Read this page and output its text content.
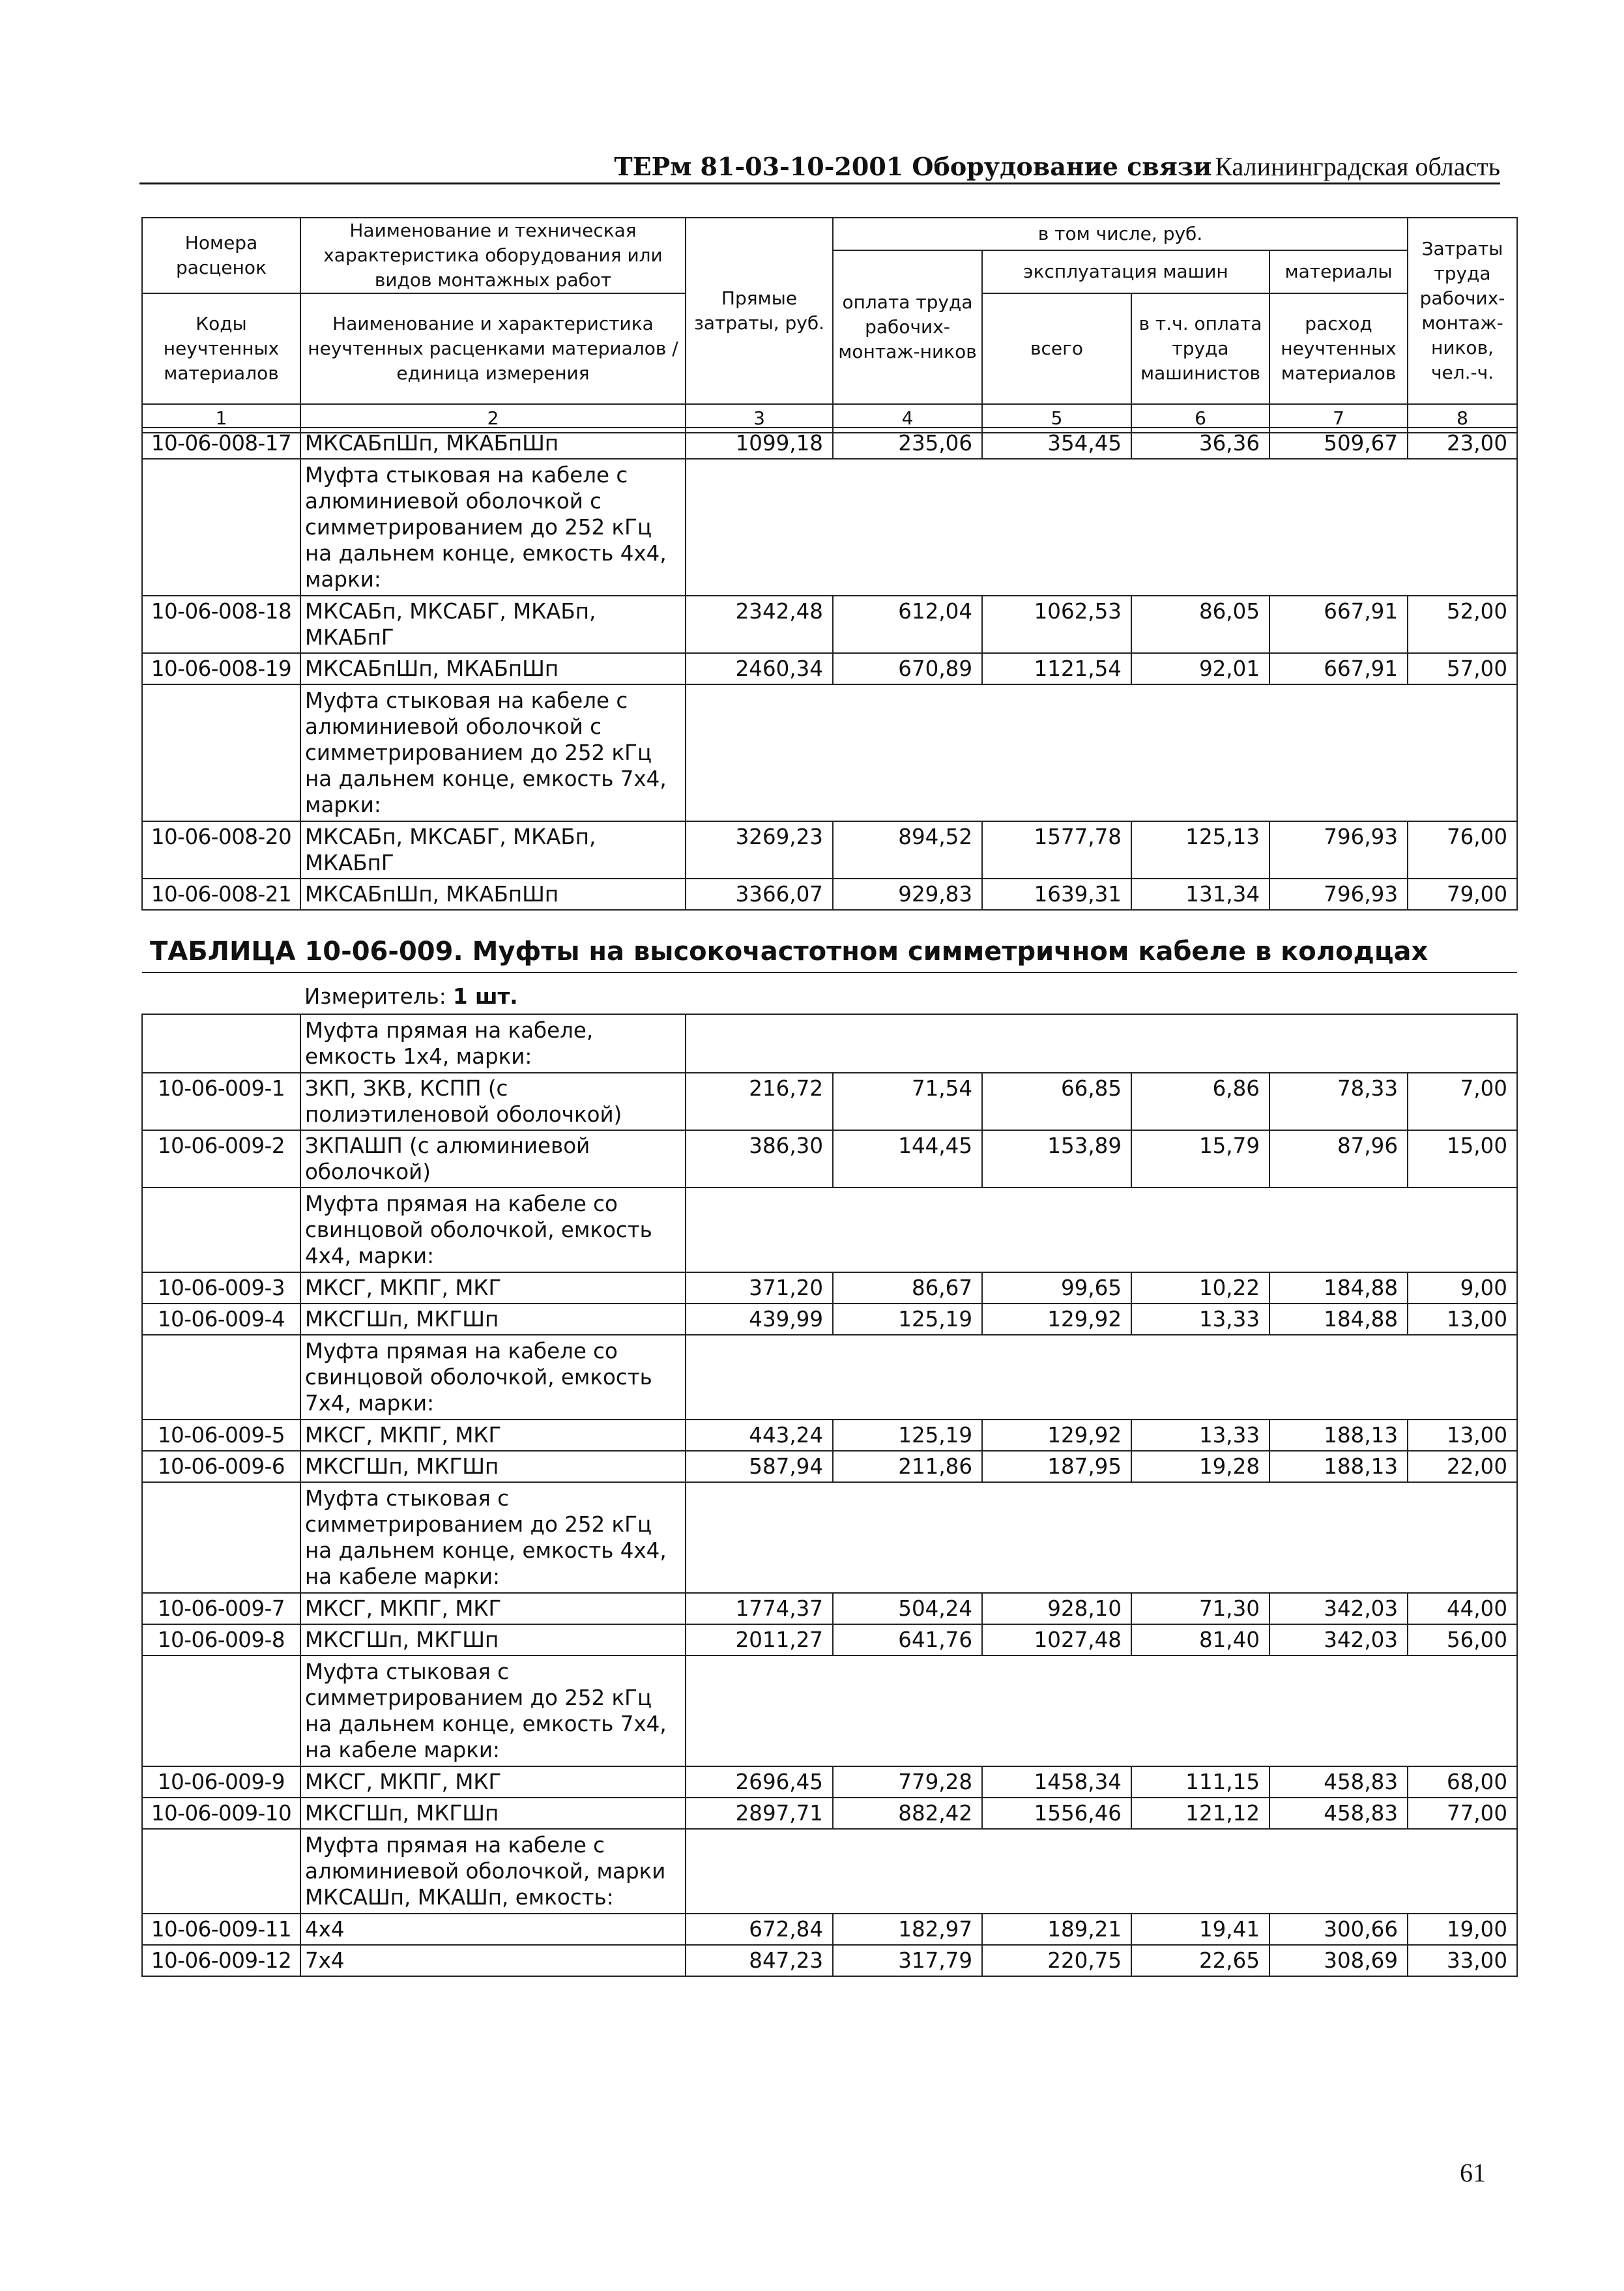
ТЕРм 81-03-10-2001 Оборудование связи Калининградская область
Номера расценок	Наименование и техническая характеристика оборудования или видов монтажных работ	Прямые затраты, руб.	в том числе, руб.				Затраты труда рабочих-монтаж-ников, чел.-ч.
			оплата труда рабочих-монтаж-ников	эксплуатация машин		материалы	
Коды неучтенных материалов	Наименование и характеристика неучтенных расценками материалов / единица измерения			всего	в т.ч. оплата труда машинистов	расход неучтенных материалов	

1	2	3	4	5	6	7	8
10-06-008-17	МКСАБпШп, МКАБпШп	1099,18	235,06	354,45	36,36	509,67	23,00
	Муфта стыковая на кабеле с алюминиевой оболочкой с симметрированием до 252 кГц на дальнем конце, емкость 4x4, марки:						
10-06-008-18	МКСАБп, МКСАБГ, МКАБп, МКАБпГ	2342,48	612,04	1062,53	86,05	667,91	52,00
10-06-008-19	МКСАБпШп, МКАБпШп	2460,34	670,89	1121,54	92,01	667,91	57,00
	Муфта стыковая на кабеле с алюминиевой оболочкой с симметрированием до 252 кГц на дальнем конце, емкость 7x4, марки:						
10-06-008-20	МКСАБп, МКСАБГ, МКАБп, МКАБпГ	3269,23	894,52	1577,78	125,13	796,93	76,00
10-06-008-21	МКСАБпШп, МКАБпШп	3366,07	929,83	1639,31	131,34	796,93	79,00

ТАБЛИЦА 10-06-009. Муфты на высокочастотном симметричном кабеле в колодцах							

	Измеритель: 1 шт.						
	Муфта прямая на кабеле, емкость 1x4, марки:						
10-06-009-1	ЗКП, ЗКВ, КСПП (с полиэтиленовой оболочкой)	216,72	71,54	66,85	6,86	78,33	7,00
10-06-009-2	ЗКПАШП (с алюминиевой оболочкой)	386,30	144,45	153,89	15,79	87,96	15,00
	Муфта прямая на кабеле со свинцовой оболочкой, емкость 4x4, марки:						
10-06-009-3	МКСГ, МКПГ, МКГ	371,20	86,67	99,65	10,22	184,88	9,00
10-06-009-4	МКСГШп, МКГШп	439,99	125,19	129,92	13,33	184,88	13,00
	Муфта прямая на кабеле со свинцовой оболочкой, емкость 7x4, марки:						
10-06-009-5	МКСГ, МКПГ, МКГ	443,24	125,19	129,92	13,33	188,13	13,00
10-06-009-6	МКСГШп, МКГШп	587,94	211,86	187,95	19,28	188,13	22,00
	Муфта стыковая с симметрированием до 252 кГц на дальнем конце, емкость 4x4, на кабеле марки:						
10-06-009-7	МКСГ, МКПГ, МКГ	1774,37	504,24	928,10	71,30	342,03	44,00
10-06-009-8	МКСГШп, МКГШп	2011,27	641,76	1027,48	81,40	342,03	56,00
	Муфта стыковая с симметрированием до 252 кГц на дальнем конце, емкость 7x4, на кабеле марки:						
10-06-009-9	МКСГ, МКПГ, МКГ	2696,45	779,28	1458,34	111,15	458,83	68,00
10-06-009-10	МКСГШп, МКГШп	2897,71	882,42	1556,46	121,12	458,83	77,00
	Муфта прямая на кабеле с алюминиевой оболочкой, марки МКСАШп, МКАШп, емкость:						
10-06-009-11	4x4	672,84	182,97	189,21	19,41	300,66	19,00
10-06-009-12	7x4	847,23	317,79	220,75	22,65	308,69	33,00
61
